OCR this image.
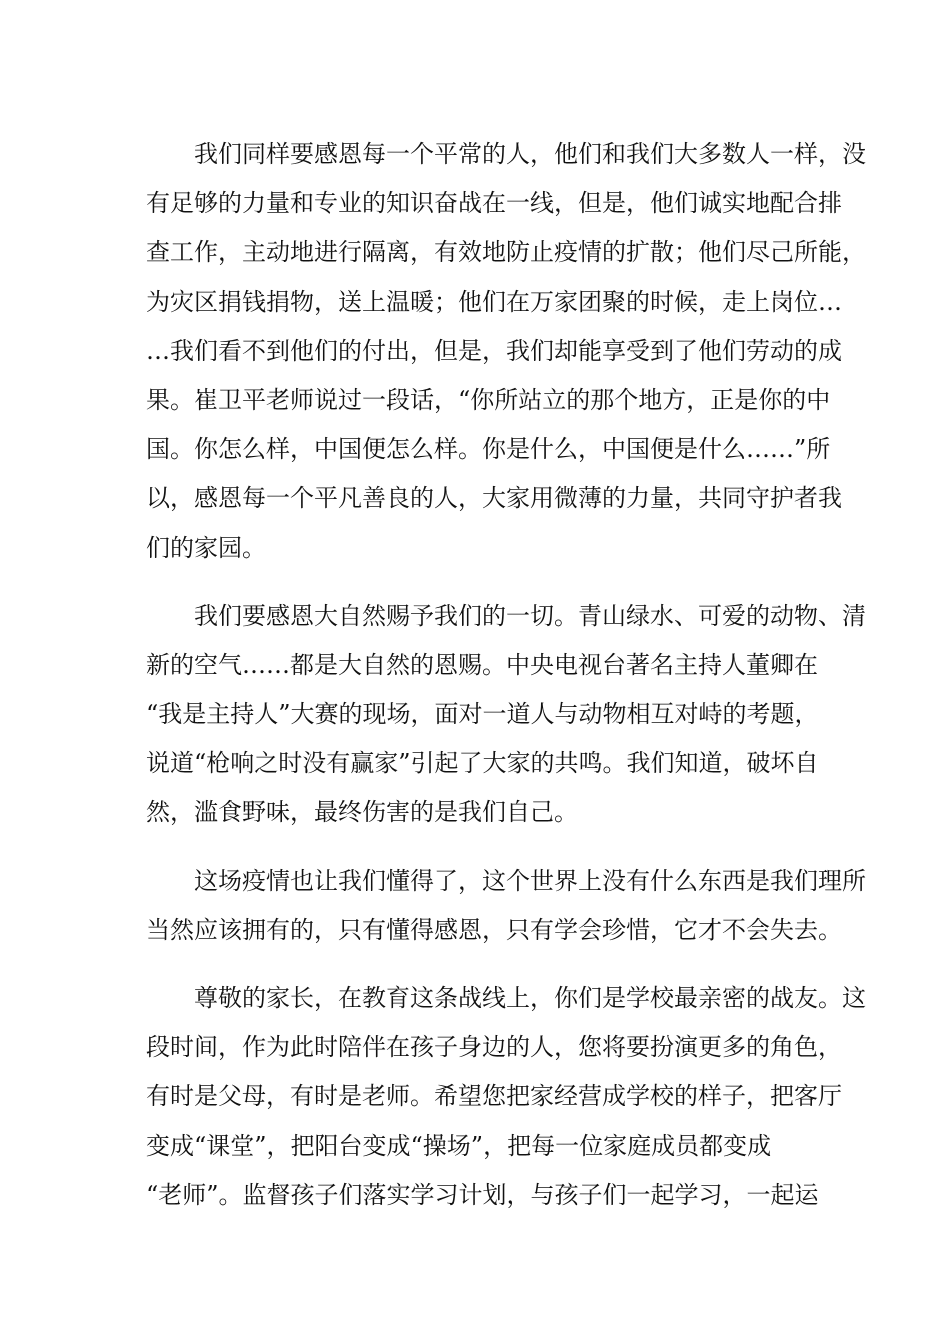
　　我们同样要感恩每一个平常的人，他们和我们大多数人一样，没
有足够的力量和专业的知识奋战在一线，但是，他们诚实地配合排
查工作，主动地进行隔离，有效地防止疫情的扩散；他们尽己所能，
为灾区捐钱捐物，送上温暖；他们在万家团聚的时候，走上岗位…
…我们看不到他们的付出，但是，我们却能享受到了他们劳动的成
果。崔卫平老师说过一段话，“你所站立的那个地方，正是你的中
国。你怎么样，中国便怎么样。你是什么，中国便是什么……”所
以，感恩每一个平凡善良的人，大家用微薄的力量，共同守护者我
们的家园。
　　我们要感恩大自然赐予我们的一切。青山绿水、可爱的动物、清
新的空气……都是大自然的恩赐。中央电视台著名主持人董卿在
“我是主持人”大赛的现场，面对一道人与动物相互对峙的考题，
说道“枪响之时没有赢家”引起了大家的共鸣。我们知道，破坏自
然，滥食野味，最终伤害的是我们自己。
　　这场疫情也让我们懂得了，这个世界上没有什么东西是我们理所
当然应该拥有的，只有懂得感恩，只有学会珍惜，它才不会失去。
　　尊敬的家长，在教育这条战线上，你们是学校最亲密的战友。这
段时间，作为此时陪伴在孩子身边的人，您将要扮演更多的角色，
有时是父母，有时是老师。希望您把家经营成学校的样子，把客厅
变成“课堂”，把阳台变成“操场”，把每一位家庭成员都变成
“老师”。监督孩子们落实学习计划，与孩子们一起学习，一起运
